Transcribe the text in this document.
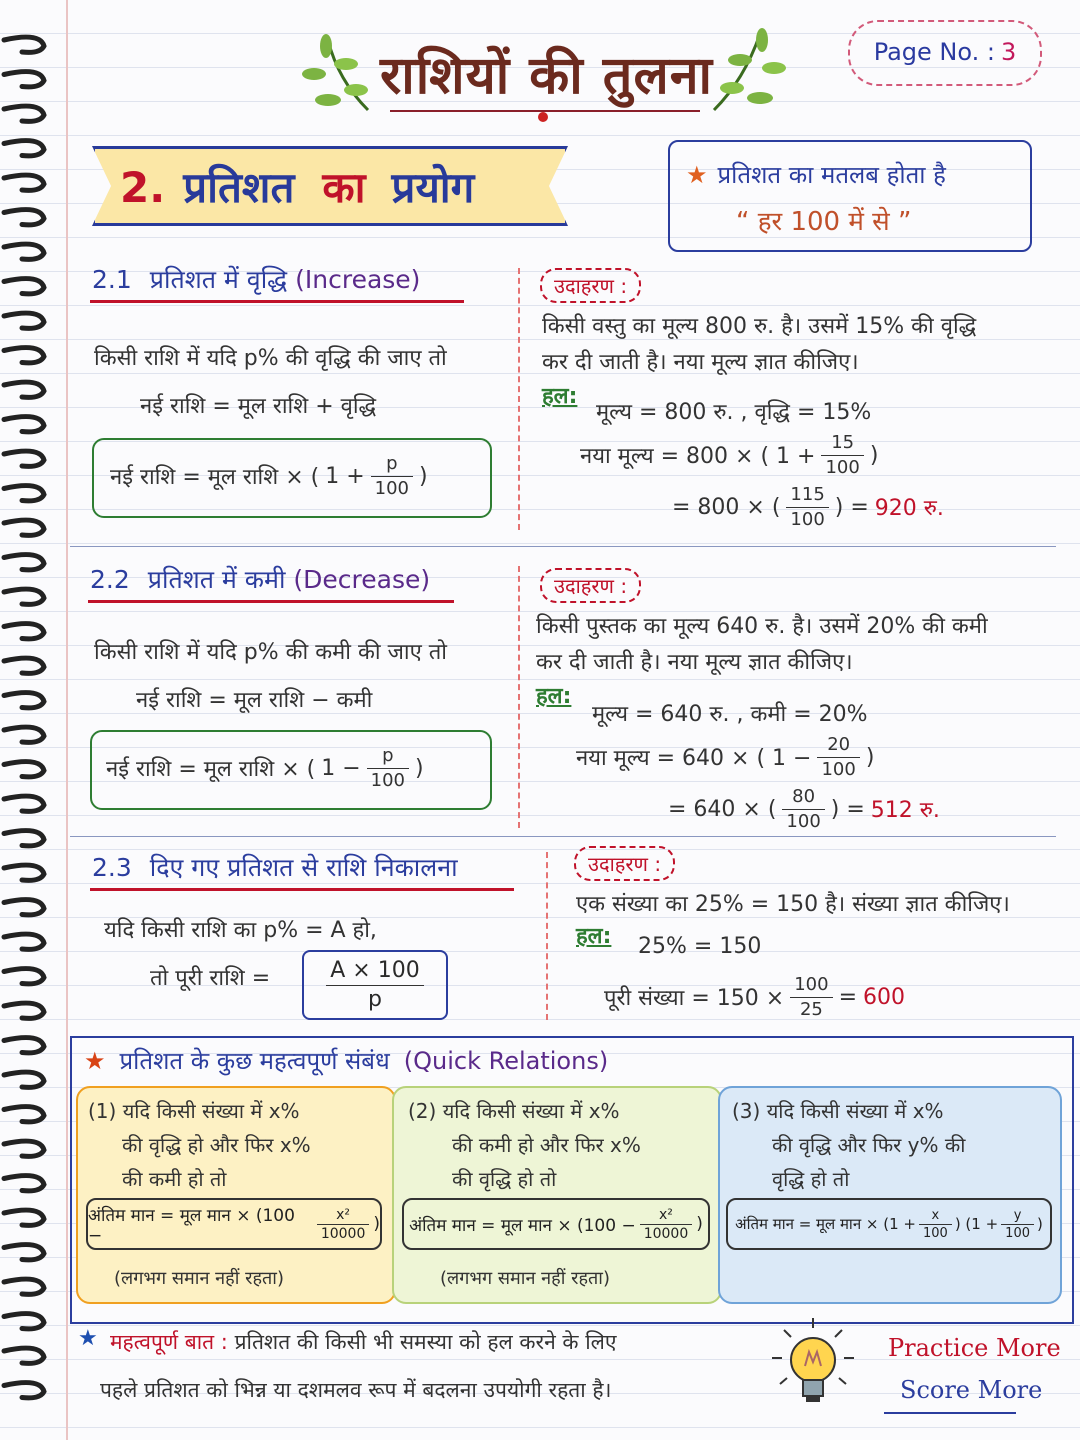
राशियों की तुलना	Page No. : 3
2. प्रतिशत का प्रयोग	★ प्रतिशत का मतलब होता है
“ हर 100 में से ”
2.1 प्रतिशत में वृद्धि (Increase)
किसी राशि में यदि p% की वृद्धि की जाए तो
नई राशि = मूल राशि + वृद्धि
नई राशि = मूल राशि × ( $1 + \frac{p}{100}$ )
उदाहरण :
किसी वस्तु का मूल्य 800 रु. है। उसमें 15% की वृद्धि
कर दी जाती है। नया मूल्य ज्ञात कीजिए।
हल:
मूल्य = 800 रु. , वृद्धि = 15%
नया मूल्य = 800 × ( $1 + \frac{15}{100}$ )
= 800 × ( $\frac{115}{100}$ ) = 920 रु.
2.2 प्रतिशत में कमी (Decrease)
किसी राशि में यदि p% की कमी की जाए तो
नई राशि = मूल राशि − कमी
नई राशि = मूल राशि × ( $1 - \frac{p}{100}$ )
उदाहरण :
किसी पुस्तक का मूल्य 640 रु. है। उसमें 20% की कमी
कर दी जाती है। नया मूल्य ज्ञात कीजिए।
हल:
मूल्य = 640 रु. , कमी = 20%
नया मूल्य = 640 × ( $1 - \frac{20}{100}$ )
= 640 × ( $\frac{80}{100}$ ) = 512 रु.
2.3 दिए गए प्रतिशत से राशि निकालना
यदि किसी राशि का p% = A हो,
तो पूरी राशि =	$\frac{A \times 100}{p}$
उदाहरण :
एक संख्या का 25% = 150 है। संख्या ज्ञात कीजिए।
हल: 25% = 150
पूरी संख्या = $150 \times \frac{100}{25} = 600$
★ प्रतिशत के कुछ महत्वपूर्ण संबंध (Quick Relations)
(1) यदि किसी संख्या में x%
की वृद्धि हो और फिर x%
की कमी हो तो
अंतिम मान = मूल मान × (100 −	$\frac{\text{x²}}{10000}$ )
(लगभग समान नहीं रहता)
(2) यदि किसी संख्या में x%
की कमी हो और फिर x%
की वृद्धि हो तो
अंतिम मान = मूल मान × ($100 - \frac{\text{x²}}{10000}$ )
(लगभग समान नहीं रहता)
(3) यदि किसी संख्या में x%
की वृद्धि और फिर y% की
वृद्धि हो तो
अंतिम मान = मूल मान × ($1 + \frac{x}{100}$ ) ($1 + \frac{y}{100}$ )
★ महत्वपूर्ण बात : प्रतिशत की किसी भी समस्या को हल करने के लिए
पहले प्रतिशत को भिन्न या दशमलव रूप में बदलना उपयोगी रहता है।
Practice More
Score More
